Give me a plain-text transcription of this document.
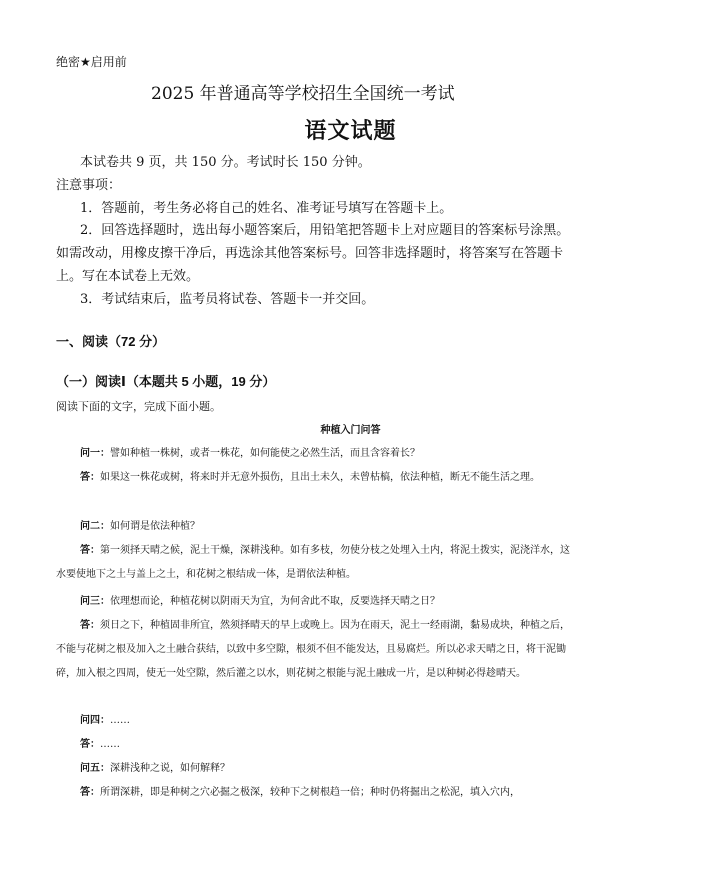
绝密★启用前
2025 年普通高等学校招生全国统一考试
语文试题
本试卷共 9 页，共 150 分。考试时长 150 分钟。
注意事项：
1．答题前，考生务必将自己的姓名、准考证号填写在答题卡上。
2．回答选择题时，选出每小题答案后，用铅笔把答题卡上对应题目的答案标号涂黑。如需改动，用橡皮擦干净后，再选涂其他答案标号。回答非选择题时，将答案写在答题卡上。写在本试卷上无效。
3．考试结束后，监考员将试卷、答题卡一并交回。
一、阅读（72 分）
（一）阅读Ⅰ（本题共 5 小题，19 分）
阅读下面的文字，完成下面小题。
种植入门问答
问一：譬如种植一株树，或者一株花，如何能使之必然生活，而且含容着长？
答：如果这一株花或树，将来时并无意外损伤，且出土未久，未曾枯槁，依法种植，断无不能生活之理。
问二：如何谓是依法种植？
答：第一须择天晴之候，泥土干燥，深耕浅种。如有多枝，勿使分枝之处埋入土内，将泥土拨实，泥浇洋水，这水要使地下之土与盖上之土，和花树之根结成一体，是谓依法种植。
问三：依理想而论，种植花树以阴雨天为宜，为何舍此不取，反要选择天晴之日？
答：须日之下，种植固非所宜，然须择晴天的早上或晚上。因为在雨天，泥土一经雨湖，黏易成块，种植之后，不能与花树之根及加入之土融合获结，以致中多空隙，根须不但不能发达，且易腐烂。所以必求天晴之日，将干泥锄碎，加入根之四周，使无一处空隙，然后灌之以水，则花树之根能与泥土融成一片，是以种树必得趁晴天。
问四：……
答：……
问五：深耕浅种之说，如何解释？
答：所谓深耕，即是种树之穴必掘之极深，较种下之树根趋一倍；种时仍将掘出之松泥，填入穴内，
